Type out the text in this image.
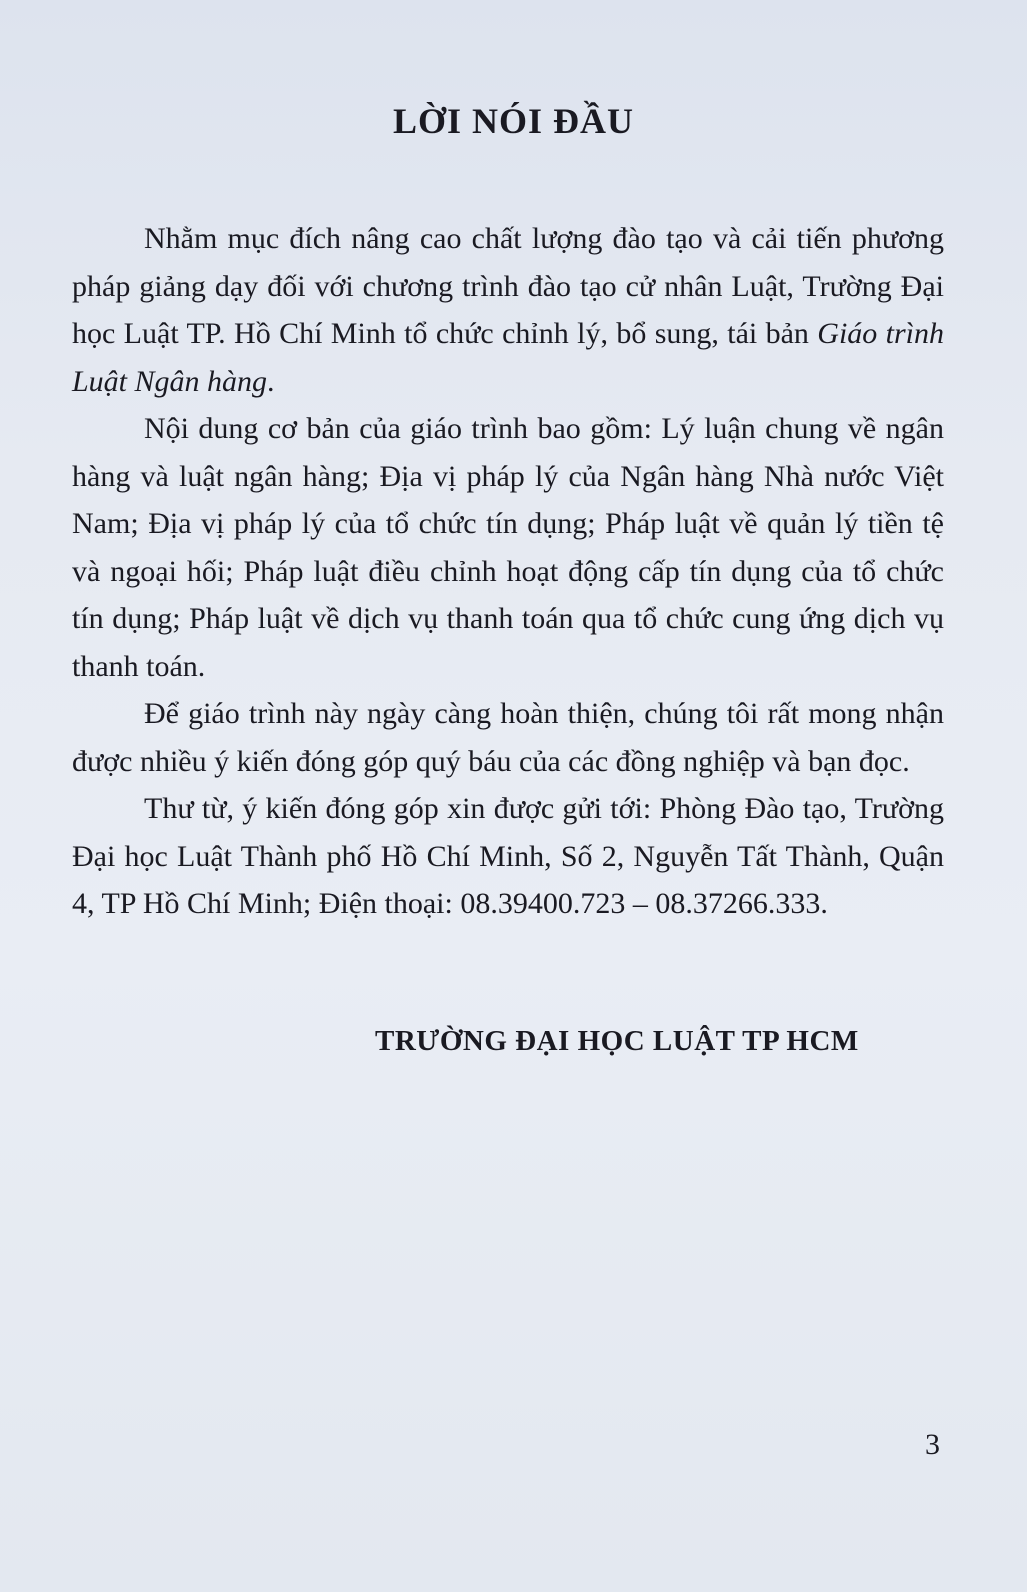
LỜI NÓI ĐẦU

Nhằm mục đích nâng cao chất lượng đào tạo và cải tiến phương pháp giảng dạy đối với chương trình đào tạo cử nhân Luật, Trường Đại học Luật TP. Hồ Chí Minh tổ chức chỉnh lý, bổ sung, tái bản Giáo trình Luật Ngân hàng.

Nội dung cơ bản của giáo trình bao gồm: Lý luận chung về ngân hàng và luật ngân hàng; Địa vị pháp lý của Ngân hàng Nhà nước Việt Nam; Địa vị pháp lý của tổ chức tín dụng; Pháp luật về quản lý tiền tệ và ngoại hối; Pháp luật điều chỉnh hoạt động cấp tín dụng của tổ chức tín dụng; Pháp luật về dịch vụ thanh toán qua tổ chức cung ứng dịch vụ thanh toán.

Để giáo trình này ngày càng hoàn thiện, chúng tôi rất mong nhận được nhiều ý kiến đóng góp quý báu của các đồng nghiệp và bạn đọc.

Thư từ, ý kiến đóng góp xin được gửi tới: Phòng Đào tạo, Trường Đại học Luật Thành phố Hồ Chí Minh, Số 2, Nguyễn Tất Thành, Quận 4, TP Hồ Chí Minh; Điện thoại: 08.39400.723 – 08.37266.333.

TRƯỜNG ĐẠI HỌC LUẬT TP HCM
3
